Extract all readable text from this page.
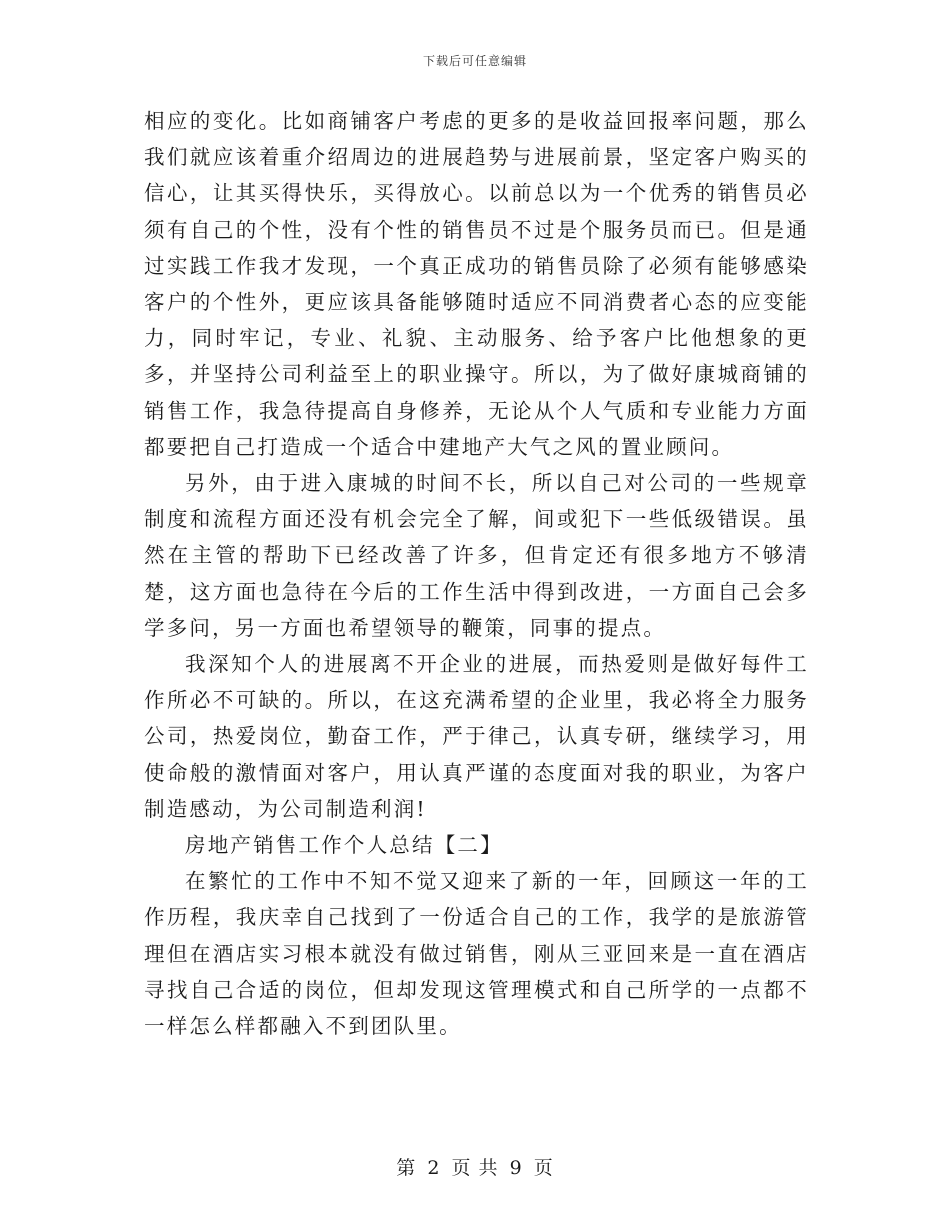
下载后可任意编辑

相应的变化。比如商铺客户考虑的更多的是收益回报率问题，那么我们就应该着重介绍周边的进展趋势与进展前景，坚定客户购买的信心，让其买得快乐，买得放心。以前总以为一个优秀的销售员必须有自己的个性，没有个性的销售员不过是个服务员而已。但是通过实践工作我才发现，一个真正成功的销售员除了必须有能够感染客户的个性外，更应该具备能够随时适应不同消费者心态的应变能力，同时牢记，专业、礼貌、主动服务、给予客户比他想象的更多，并坚持公司利益至上的职业操守。所以，为了做好康城商铺的销售工作，我急待提高自身修养，无论从个人气质和专业能力方面都要把自己打造成一个适合中建地产大气之风的置业顾问。

另外，由于进入康城的时间不长，所以自己对公司的一些规章制度和流程方面还没有机会完全了解，间或犯下一些低级错误。虽然在主管的帮助下已经改善了许多，但肯定还有很多地方不够清楚，这方面也急待在今后的工作生活中得到改进，一方面自己会多学多问，另一方面也希望领导的鞭策，同事的提点。

我深知个人的进展离不开企业的进展，而热爱则是做好每件工作所必不可缺的。所以，在这充满希望的企业里，我必将全力服务公司，热爱岗位，勤奋工作，严于律己，认真专研，继续学习，用使命般的激情面对客户，用认真严谨的态度面对我的职业，为客户制造感动，为公司制造利润!

房地产销售工作个人总结【二】

在繁忙的工作中不知不觉又迎来了新的一年，回顾这一年的工作历程，我庆幸自己找到了一份适合自己的工作，我学的是旅游管理但在酒店实习根本就没有做过销售，刚从三亚回来是一直在酒店寻找自己合适的岗位，但却发现这管理模式和自己所学的一点都不一样怎么样都融入不到团队里。

第 2 页 共 9 页
